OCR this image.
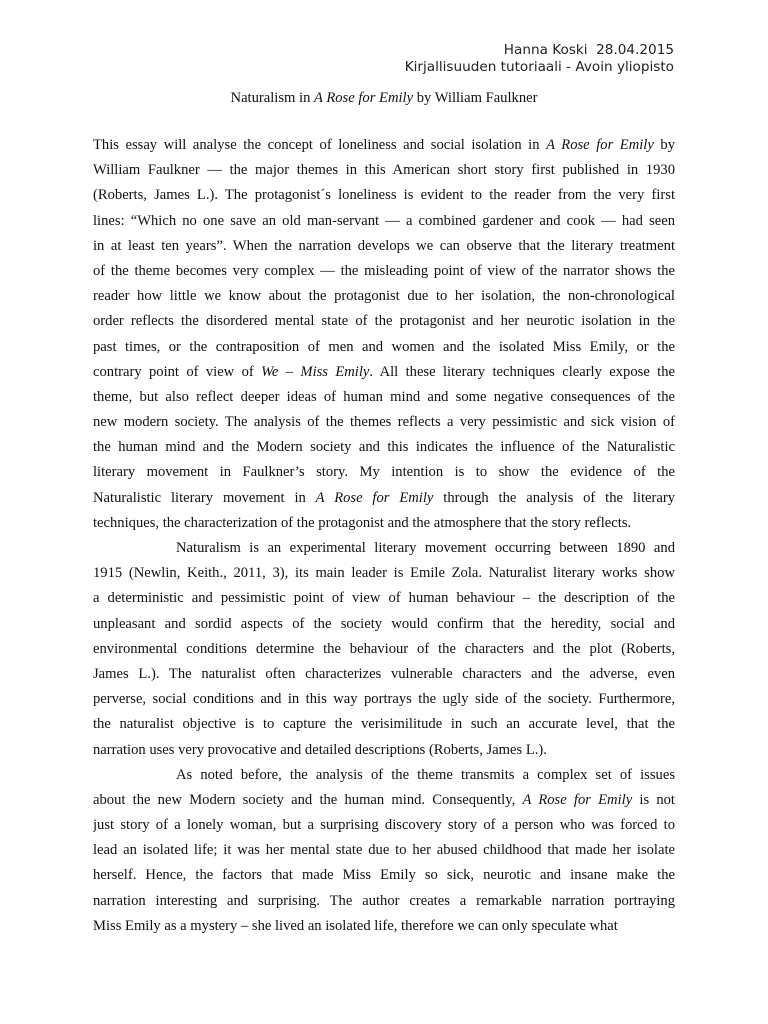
Hanna Koski  28.04.2015
Kirjallisuuden tutoriaali - Avoin yliopisto
Naturalism in A Rose for Emily by William Faulkner
This essay will analyse the concept of loneliness and social isolation in A Rose for Emily by
William Faulkner — the major themes in this American short story first published in 1930
(Roberts, James L.). The protagonist´s loneliness is evident to the reader from the very first
lines: “Which no one save an old man-servant — a combined gardener and cook — had seen
in at least ten years”. When the narration develops we can observe that the literary treatment
of the theme becomes very complex — the misleading point of view of the narrator shows the
reader how little we know about the protagonist due to her isolation, the non-chronological
order reflects the disordered mental state of the protagonist and her neurotic isolation in the
past times, or the contraposition of men and women and the isolated Miss Emily, or the
contrary point of view of We – Miss Emily. All these literary techniques clearly expose the
theme, but also reflect deeper ideas of human mind and some negative consequences of the
new modern society. The analysis of the themes reflects a very pessimistic and sick vision of
the human mind and the Modern society and this indicates the influence of the Naturalistic
literary movement in Faulkner’s story. My intention is to show the evidence of the
Naturalistic literary movement in A Rose for Emily through the analysis of the literary
techniques, the characterization of the protagonist and the atmosphere that the story reflects.
Naturalism is an experimental literary movement occurring between 1890 and
1915 (Newlin, Keith., 2011, 3), its main leader is Emile Zola. Naturalist literary works show
a deterministic and pessimistic point of view of human behaviour – the description of the
unpleasant and sordid aspects of the society would confirm that the heredity, social and
environmental conditions determine the behaviour of the characters and the plot (Roberts,
James L.). The naturalist often characterizes vulnerable characters and the adverse, even
perverse, social conditions and in this way portrays the ugly side of the society. Furthermore,
the naturalist objective is to capture the verisimilitude in such an accurate level, that the
narration uses very provocative and detailed descriptions (Roberts, James L.).
As noted before, the analysis of the theme transmits a complex set of issues
about the new Modern society and the human mind. Consequently, A Rose for Emily is not
just story of a lonely woman, but a surprising discovery story of a person who was forced to
lead an isolated life; it was her mental state due to her abused childhood that made her isolate
herself. Hence, the factors that made Miss Emily so sick, neurotic and insane make the
narration interesting and surprising. The author creates a remarkable narration portraying
Miss Emily as a mystery – she lived an isolated life, therefore we can only speculate what
